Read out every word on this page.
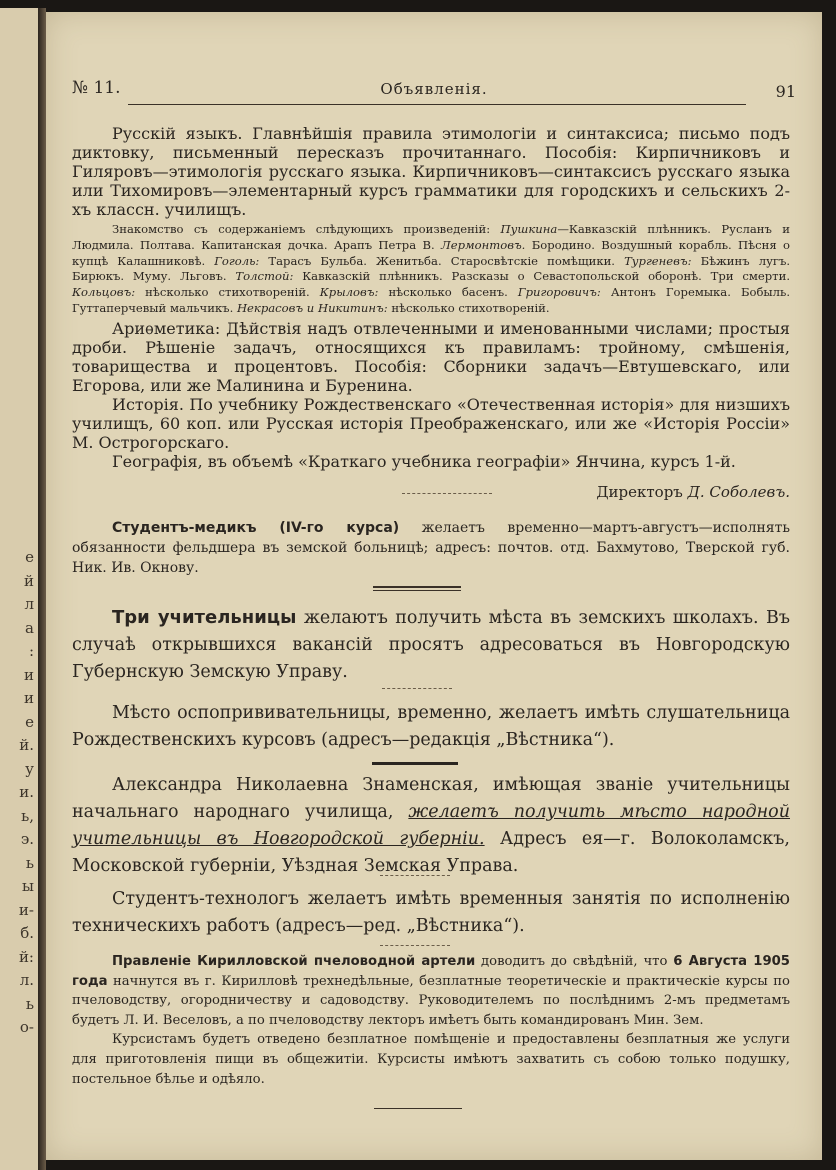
е
й
л
а
:
и
и
е
й.
у
и.
ь,
э.
ь
ы
и-
б.
й:
л.
ь
о-
№ 11.	Объявленія.	91

Русскій языкъ. Главнѣйшія правила этимологіи и синтаксиса; письмо подъ диктовку, письменный пересказъ прочитаннаго. Пособія: Кирпичниковъ и Гиляровъ—этимологія русскаго языка. Кирпичниковъ—синтаксисъ русскаго языка или Тихомировъ—элементарный курсъ грамматики для городскихъ и сельскихъ 2-хъ классн. училищъ.

Знакомство съ содержаніемъ слѣдующихъ произведеній: Пушкина—Кавказскій плѣнникъ. Русланъ и Людмила. Полтава. Капитанская дочка. Арапъ Петра В. Лермонтовъ. Бородино. Воздушный корабль. Пѣсня о купцѣ Калашниковѣ. Гоголь: Тарасъ Бульба. Женитьба. Старосвѣтскіе помѣщики. Тургеневъ: Бѣжинъ лугъ. Бирюкъ. Муму. Льговъ. Толстой: Кавказскій плѣнникъ. Разсказы о Севастопольской оборонѣ. Три смерти. Кольцовъ: нѣсколько стихотвореній. Крыловъ: нѣсколько басенъ. Григоровичъ: Антонъ Горемыка. Бобыль. Гуттаперчевый мальчикъ. Некрасовъ и Никитинъ: нѣсколько стихотвореній.

Ариѳметика: Дѣйствія надъ отвлеченными и именованными числами; простыя дроби. Рѣшеніе задачъ, относящихся къ правиламъ: тройному, смѣшенія, товарищества и процентовъ. Пособія: Сборники задачъ—Евтушевскаго, или Егорова, или же Малинина и Буренина.

Исторія. По учебнику Рождественскаго «Отечественная исторія» для низшихъ училищъ, 60 коп. или Русская исторія Преображенскаго, или же «Исторія Россіи» М. Острогорскаго.

Географія, въ объемѣ «Краткаго учебника географіи» Янчина, курсъ 1-й.

Директоръ Д. Соболевъ.

Студентъ-медикъ (IV-го курса) желаетъ временно—мартъ-августъ—исполнять обязанности фельдшера въ земской больницѣ; адресъ: почтов. отд. Бахмутово, Тверской губ. Ник. Ив. Окнову.

Три учительницы желаютъ получить мѣста въ земскихъ школахъ. Въ случаѣ открывшихся вакансій просятъ адресоваться въ Новгородскую Губернскую Земскую Управу.

Мѣсто оспопрививательницы, временно, желаетъ имѣть слушательница Рождественскихъ курсовъ (адресъ—редакція „Вѣстника“).

Александра Николаевна Знаменская, имѣющая званіе учительницы начальнаго народнаго училища, желаетъ получить мѣсто народной учительницы въ Новгородской губерніи. Адресъ ея—г. Волоколамскъ, Московской губерніи, Уѣздная Земская Управа.

Студентъ-технологъ желаетъ имѣть временныя занятія по исполненію техническихъ работъ (адресъ—ред. „Вѣстника“).

Правленіе Кирилловской пчеловодной артели доводитъ до свѣдѣній, что 6 Августа 1905 года начнутся въ г. Кирилловѣ трехнедѣльные, безплатные теоретическіе и практическіе курсы по пчеловодству, огородничеству и садоводству. Руководителемъ по послѣднимъ 2-мъ предметамъ будетъ Л. И. Веселовъ, а по пчеловодству лекторъ имѣетъ быть командированъ Мин. Зем.

Курсистамъ будетъ отведено безплатное помѣщеніе и предоставлены безплатныя же услуги для приготовленія пищи въ общежитіи. Курсисты имѣютъ захватить съ собою только подушку, постельное бѣлье и одѣяло.
